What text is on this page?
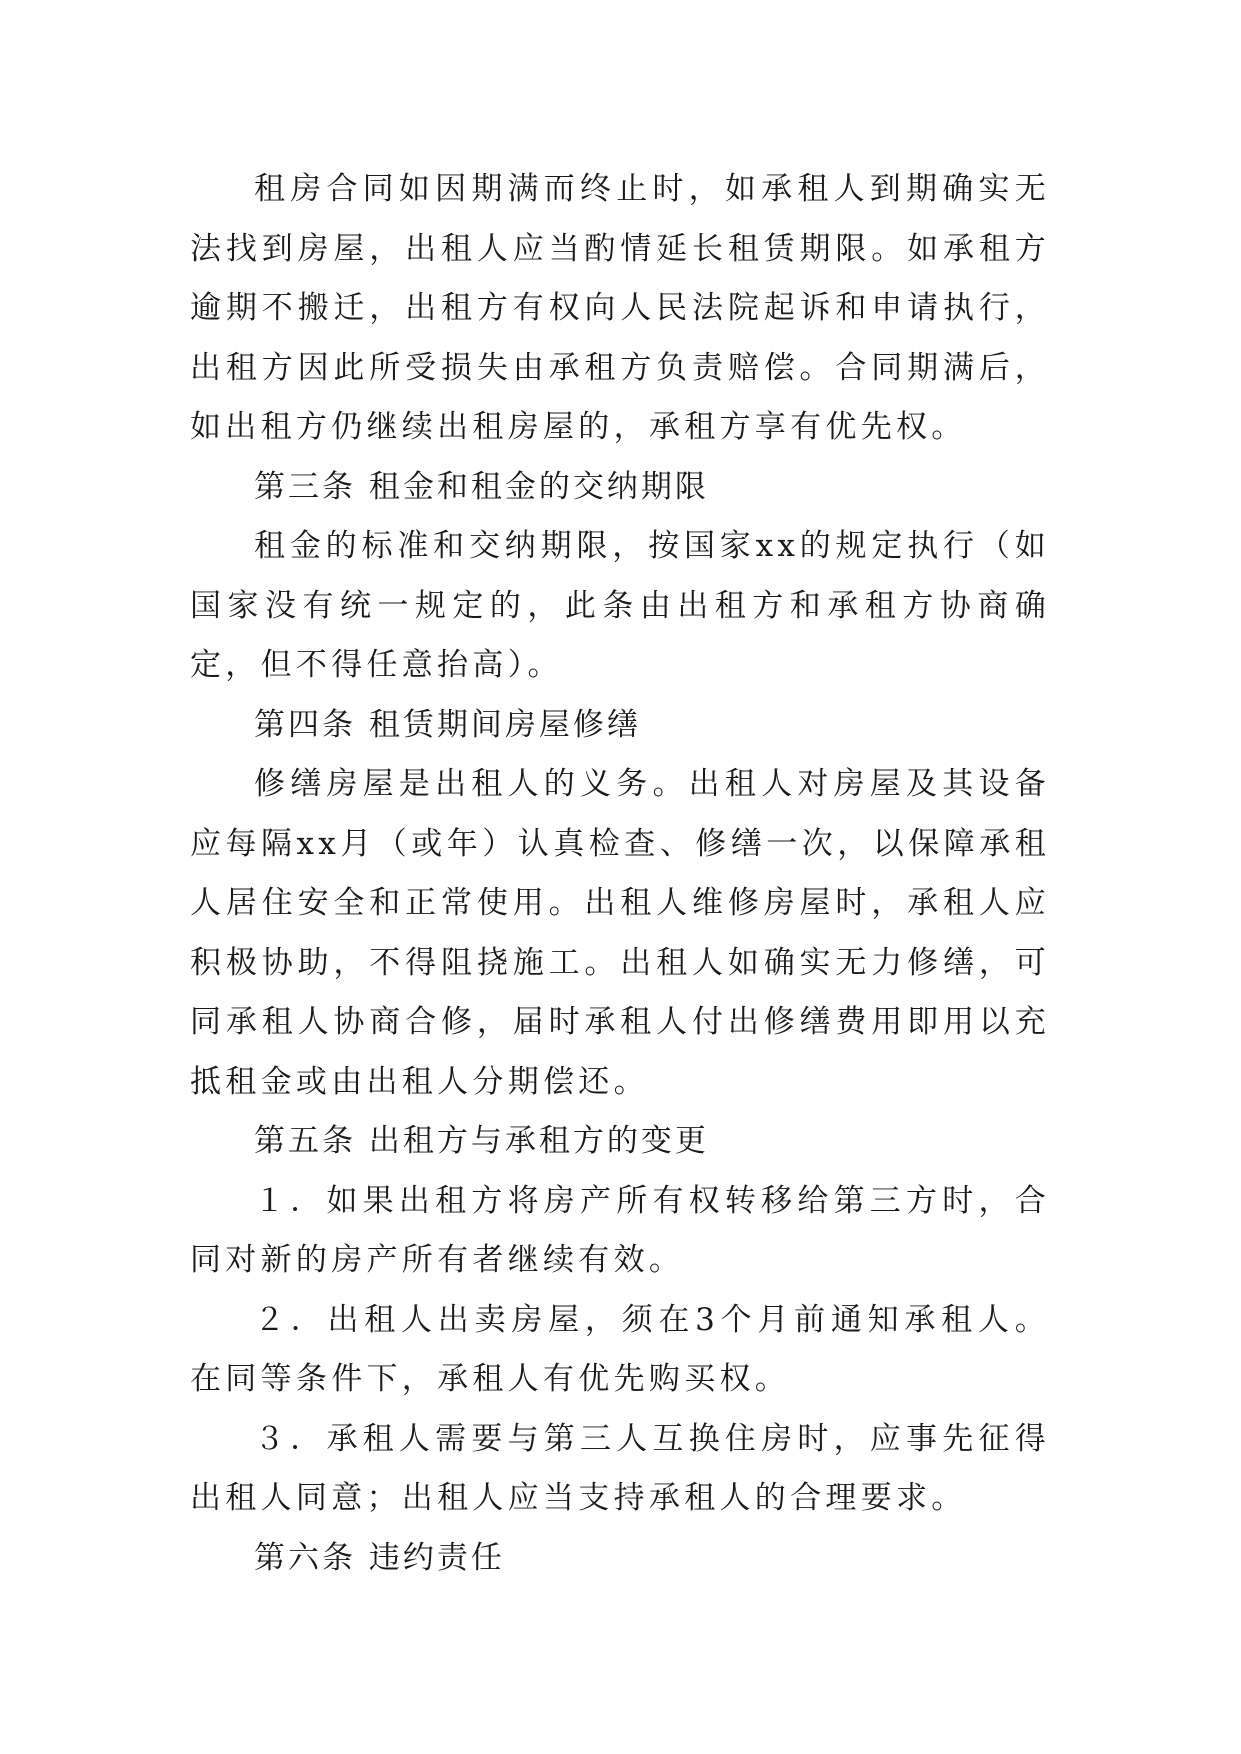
租房合同如因期满而终止时，如承租人到期确实无法找到房屋，出租人应当酌情延长租赁期限。如承租方逾期不搬迁，出租方有权向人民法院起诉和申请执行，出租方因此所受损失由承租方负责赔偿。合同期满后，如出租方仍继续出租房屋的，承租方享有优先权。

第三条 租金和租金的交纳期限

租金的标准和交纳期限，按国家xx的规定执行（如国家没有统一规定的，此条由出租方和承租方协商确定，但不得任意抬高）。

第四条 租赁期间房屋修缮

修缮房屋是出租人的义务。出租人对房屋及其设备应每隔xx月（或年）认真检查、修缮一次，以保障承租人居住安全和正常使用。出租人维修房屋时，承租人应积极协助，不得阻挠施工。出租人如确实无力修缮，可同承租人协商合修，届时承租人付出修缮费用即用以充抵租金或由出租人分期偿还。

第五条 出租方与承租方的变更

１．如果出租方将房产所有权转移给第三方时，合同对新的房产所有者继续有效。

２．出租人出卖房屋，须在3个月前通知承租人。在同等条件下，承租人有优先购买权。

３．承租人需要与第三人互换住房时，应事先征得出租人同意；出租人应当支持承租人的合理要求。

第六条 违约责任
